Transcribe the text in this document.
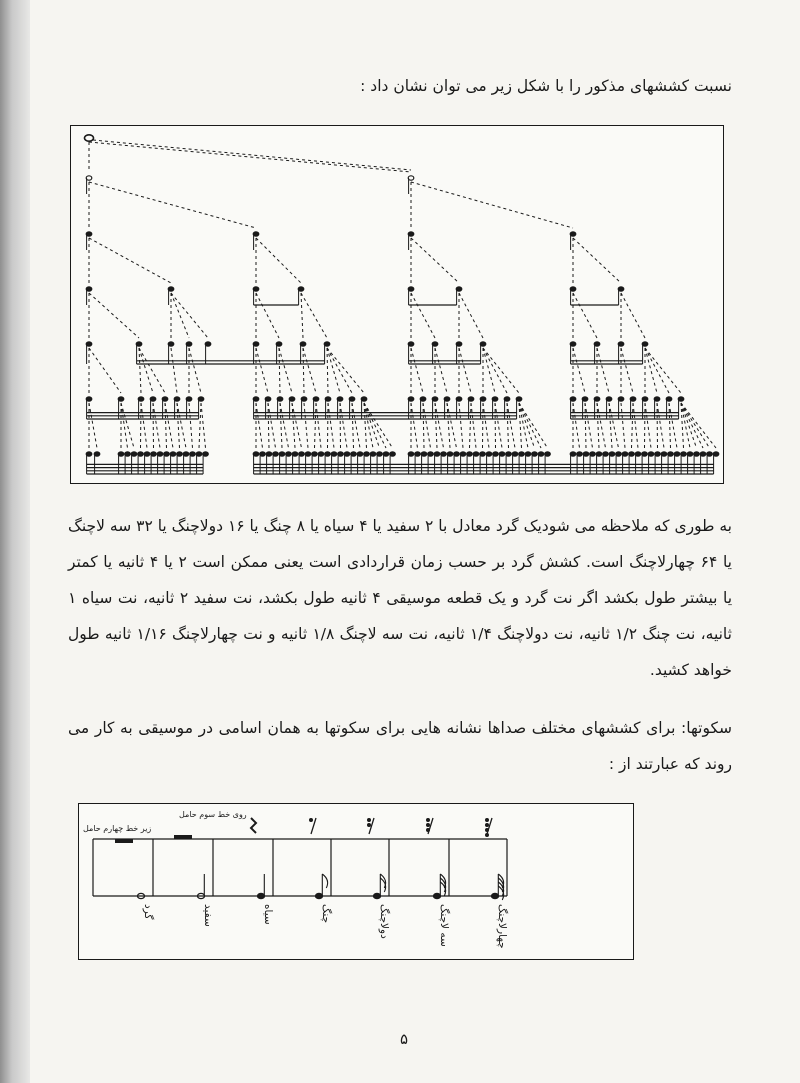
نسبت کششهای مذکور را با شکل زیر می توان نشان داد :

به طوری که ملاحظه می شودیک گرد معادل با ۲ سفید یا ۴ سیاه یا ۸ چنگ یا ۱۶ دولاچنگ یا ۳۲ سه لاچنگ یا ۶۴ چهارلاچنگ است. کشش گرد بر حسب زمان قراردادی است یعنی ممکن است ۲ یا ۴ ثانیه یا کمتر یا بیشتر طول بکشد اگر نت گرد و یک قطعه موسیقی ۴ ثانیه طول بکشد، نت سفید ۲ ثانیه، نت سیاه ۱ ثانیه، نت چنگ ۱/۲ ثانیه، نت دولاچنگ ۱/۴ ثانیه، نت سه لاچنگ ۱/۸ ثانیه و نت چهارلاچنگ ۱/۱۶ ثانیه طول خواهد کشید.

سکوتها: برای کششهای مختلف صداها نشانه هایی برای سکوتها به همان اسامی در موسیقی به کار می روند که عبارتند از :

روی خط سوم حامل
زیر خط چهارم حامل
گرد	سفید	سیاه	چنگ	دولاچنگ	سه لاچنگ	چهارلاچنگ
۵
